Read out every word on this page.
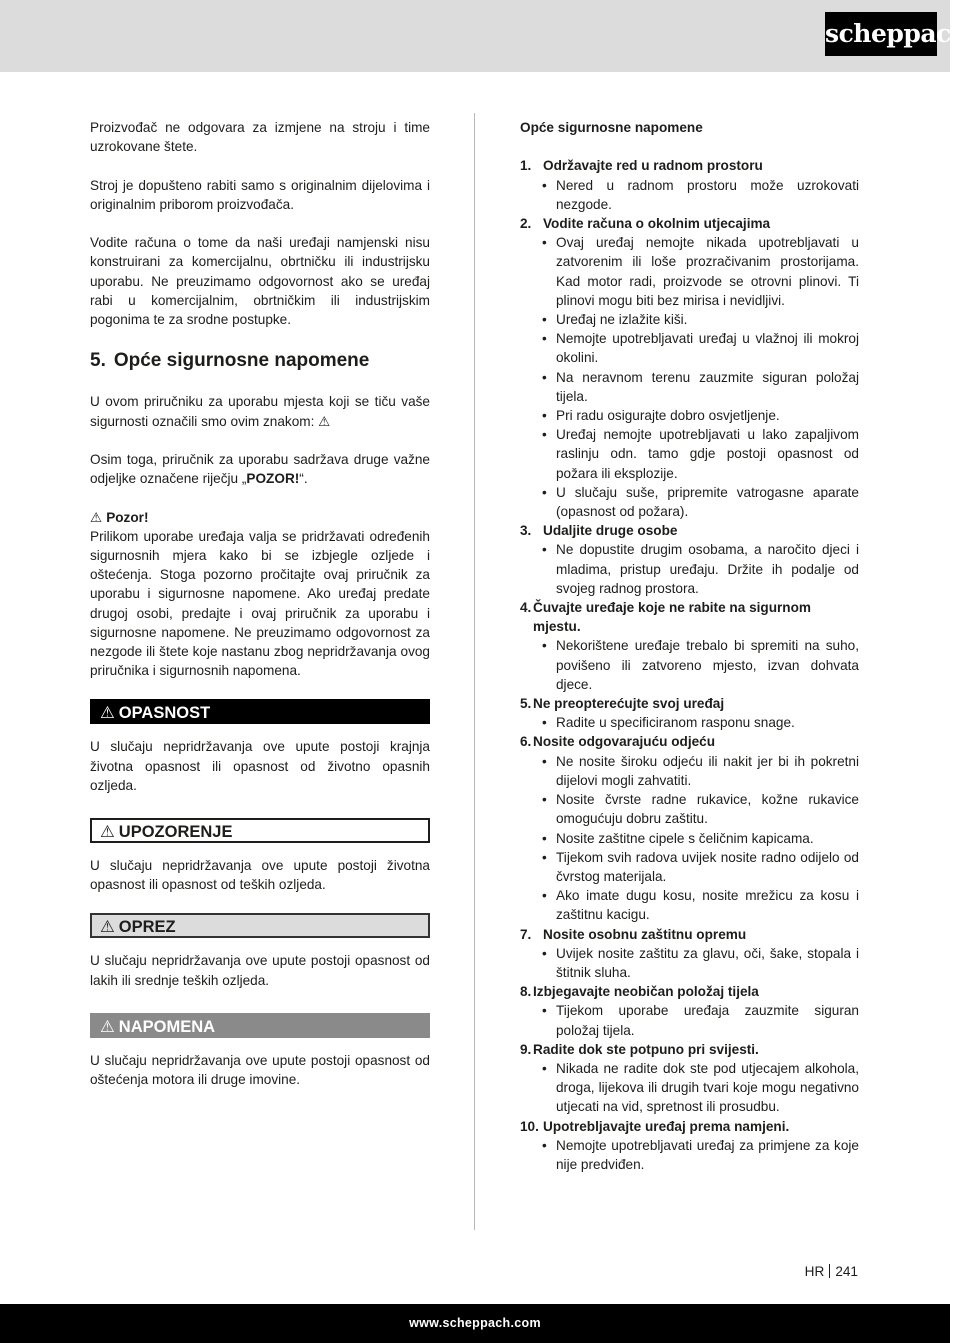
scheppach

Proizvođač ne odgovara za izmjene na stroju i time uzrokovane štete.

Stroj je dopušteno rabiti samo s originalnim dijelovima i originalnim priborom proizvođača.

Vodite računa o tome da naši uređaji namjenski nisu konstruirani za komercijalnu, obrtničku ili industrijsku uporabu. Ne preuzimamo odgovornost ako se uređaj rabi u komercijalnim, obrtničkim ili industrijskim pogonima te za srodne postupke.

5. Opće sigurnosne napomene

U ovom priručniku za uporabu mjesta koji se tiču vaše sigurnosti označili smo ovim znakom: ⚠

Osim toga, priručnik za uporabu sadržava druge važne odjeljke označene riječju „POZOR!“.

⚠ Pozor!

Prilikom uporabe uređaja valja se pridržavati određenih sigurnosnih mjera kako bi se izbjegle ozljede i oštećenja. Stoga pozorno pročitajte ovaj priručnik za uporabu i sigurnosne napomene. Ako uređaj predate drugoj osobi, predajte i ovaj priručnik za uporabu i sigurnosne napomene. Ne preuzimamo odgovornost za nezgode ili štete koje nastanu zbog nepridržavanja ovog priručnika i sigurnosnih napomena.

⚠ OPASNOST

U slučaju nepridržavanja ove upute postoji krajnja životna opasnost ili opasnost od životno opasnih ozljeda.

⚠ UPOZORENJE

U slučaju nepridržavanja ove upute postoji životna opasnost ili opasnost od teških ozljeda.

⚠ OPREZ

U slučaju nepridržavanja ove upute postoji opasnost od lakih ili srednje teških ozljeda.

⚠ NAPOMENA

U slučaju nepridržavanja ove upute postoji opasnost od oštećenja motora ili druge imovine.

Opće sigurnosne napomene
1. Održavajte red u radnom prostoru
• Nered u radnom prostoru može uzrokovati nezgode.
2. Vodite računa o okolnim utjecajima
• Ovaj uređaj nemojte nikada upotrebljavati u zatvorenim ili loše prozračivanim prostorijama. Kad motor radi, proizvode se otrovni plinovi. Ti plinovi mogu biti bez mirisa i nevidljivi.
• Uređaj ne izlažite kiši.
• Nemojte upotrebljavati uređaj u vlažnoj ili mokroj okolini.
• Na neravnom terenu zauzmite siguran položaj tijela.
• Pri radu osigurajte dobro osvjetljenje.
• Uređaj nemojte upotrebljavati u lako zapaljivom raslinju odn. tamo gdje postoji opasnost od požara ili eksplozije.
• U slučaju suše, pripremite vatrogasne aparate (opasnost od požara).
3. Udaljite druge osobe
• Ne dopustite drugim osobama, a naročito djeci i mladima, pristup uređaju. Držite ih podalje od svojeg radnog prostora.
4. Čuvajte uređaje koje ne rabite na sigurnom mjestu.
• Nekorištene uređaje trebalo bi spremiti na suho, povišeno ili zatvoreno mjesto, izvan dohvata djece.
5. Ne preopterećujte svoj uređaj
• Radite u specificiranom rasponu snage.
6. Nosite odgovarajuću odjeću
• Ne nosite široku odjeću ili nakit jer bi ih pokretni dijelovi mogli zahvatiti.
• Nosite čvrste radne rukavice, kožne rukavice omogućuju dobru zaštitu.
• Nosite zaštitne cipele s čeličnim kapicama.
• Tijekom svih radova uvijek nosite radno odijelo od čvrstog materijala.
• Ako imate dugu kosu, nosite mrežicu za kosu i zaštitnu kacigu.
7. Nosite osobnu zaštitnu opremu
• Uvijek nosite zaštitu za glavu, oči, šake, stopala i štitnik sluha.
8. Izbjegavajte neobičan položaj tijela
• Tijekom uporabe uređaja zauzmite siguran položaj tijela.
9. Radite dok ste potpuno pri svijesti.
• Nikada ne radite dok ste pod utjecajem alkohola, droga, lijekova ili drugih tvari koje mogu negativno utjecati na vid, spretnost ili prosudbu.
10. Upotrebljavajte uređaj prema namjeni.
• Nemojte upotrebljavati uređaj za primjene za koje nije predviđen.
HR 241
www.scheppach.com
